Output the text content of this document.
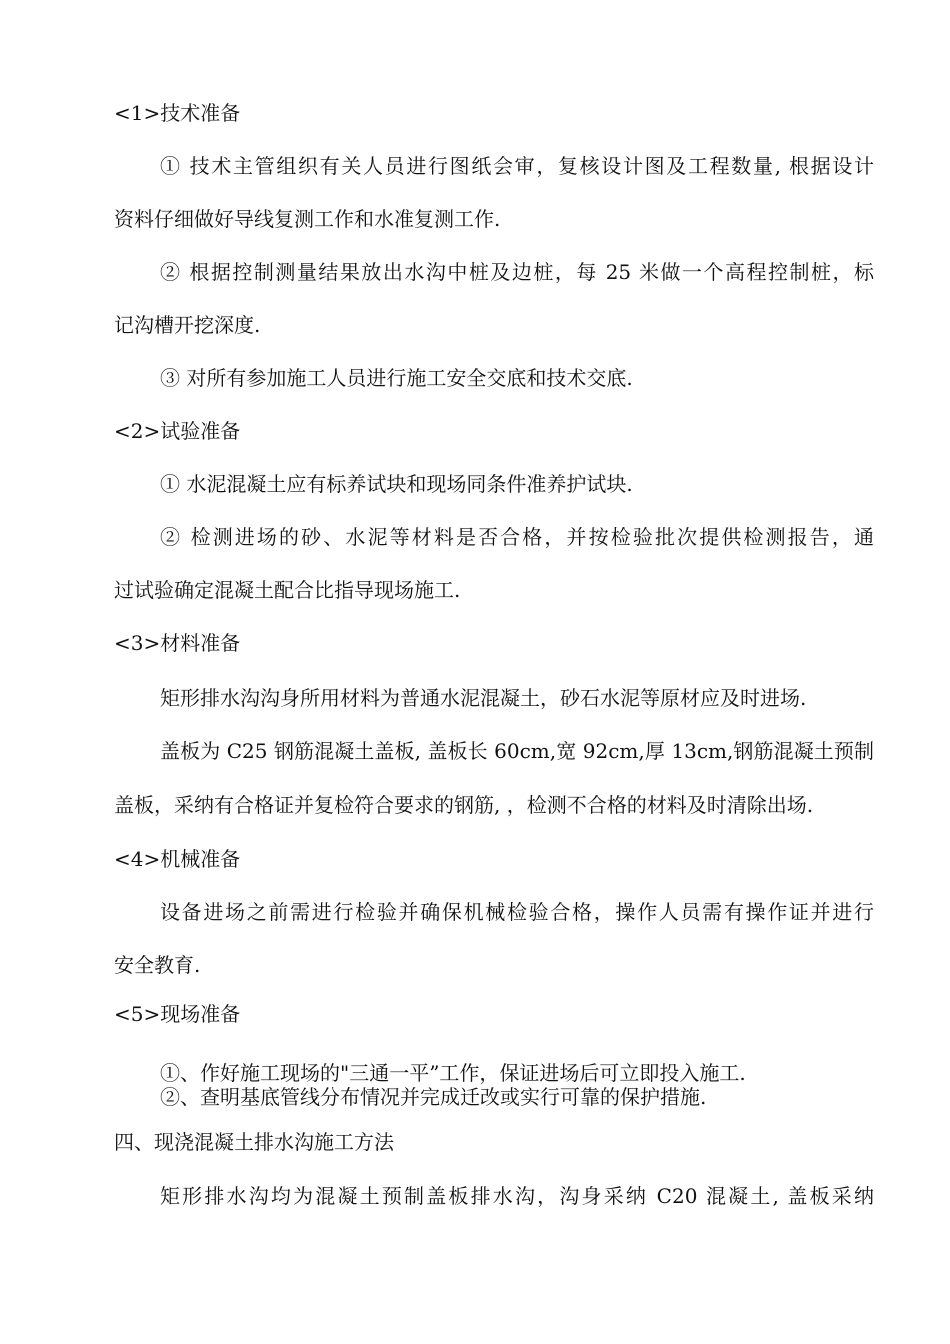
<1>技术准备
① 技术主管组织有关人员进行图纸会审，复核设计图及工程数量, 根据设计
资料仔细做好导线复测工作和水准复测工作.
② 根据控制测量结果放出水沟中桩及边桩，每 25 米做一个高程控制桩，标
记沟槽开挖深度.
③ 对所有参加施工人员进行施工安全交底和技术交底.
<2>试验准备
① 水泥混凝土应有标养试块和现场同条件准养护试块.
② 检测进场的砂、水泥等材料是否合格，并按检验批次提供检测报告，通
过试验确定混凝土配合比指导现场施工.
<3>材料准备
矩形排水沟沟身所用材料为普通水泥混凝土，砂石水泥等原材应及时进场.
盖板为 C25 钢筋混凝土盖板, 盖板长 60cm,宽 92cm,厚 13cm,钢筋混凝土预制
盖板，采纳有合格证并复检符合要求的钢筋, ，检测不合格的材料及时清除出场.
<4>机械准备
设备进场之前需进行检验并确保机械检验合格，操作人员需有操作证并进行
安全教育.
<5>现场准备
①、作好施工现场的"三通一平”工作，保证进场后可立即投入施工.
②、查明基底管线分布情况并完成迁改或实行可靠的保护措施.
四、现浇混凝土排水沟施工方法
矩形排水沟均为混凝土预制盖板排水沟，沟身采纳 C20 混凝土, 盖板采纳
